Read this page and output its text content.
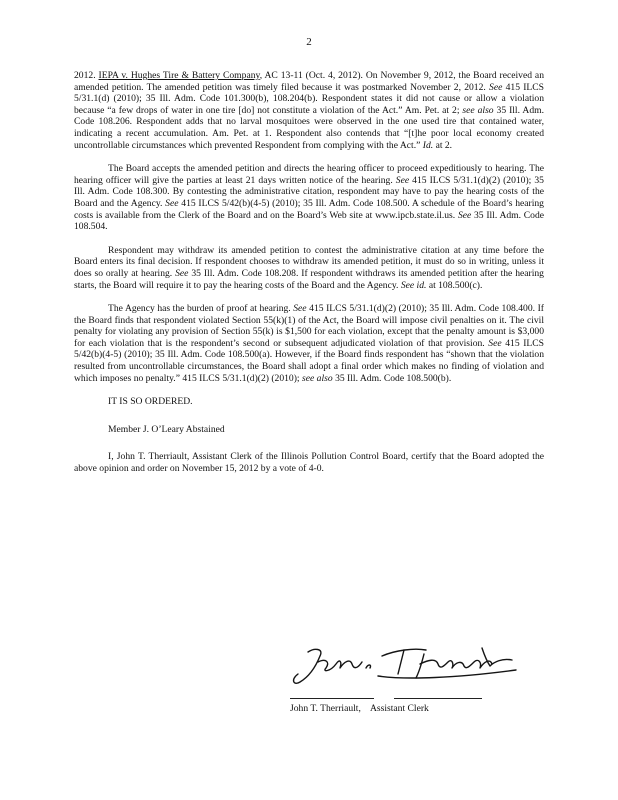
2

2012. IEPA v. Hughes Tire & Battery Company, AC 13-11 (Oct. 4, 2012). On November 9, 2012, the Board received an amended petition. The amended petition was timely filed because it was postmarked November 2, 2012. See 415 ILCS 5/31.1(d) (2010); 35 Ill. Adm. Code 101.300(b), 108.204(b). Respondent states it did not cause or allow a violation because “a few drops of water in one tire [do] not constitute a violation of the Act.” Am. Pet. at 2; see also 35 Ill. Adm. Code 108.206. Respondent adds that no larval mosquitoes were observed in the one used tire that contained water, indicating a recent accumulation. Am. Pet. at 1. Respondent also contends that “[t]he poor local economy created uncontrollable circumstances which prevented Respondent from complying with the Act.” Id. at 2.

The Board accepts the amended petition and directs the hearing officer to proceed expeditiously to hearing. The hearing officer will give the parties at least 21 days written notice of the hearing. See 415 ILCS 5/31.1(d)(2) (2010); 35 Ill. Adm. Code 108.300. By contesting the administrative citation, respondent may have to pay the hearing costs of the Board and the Agency. See 415 ILCS 5/42(b)(4-5) (2010); 35 Ill. Adm. Code 108.500. A schedule of the Board’s hearing costs is available from the Clerk of the Board and on the Board’s Web site at www.ipcb.state.il.us. See 35 Ill. Adm. Code 108.504.

Respondent may withdraw its amended petition to contest the administrative citation at any time before the Board enters its final decision. If respondent chooses to withdraw its amended petition, it must do so in writing, unless it does so orally at hearing. See 35 Ill. Adm. Code 108.208. If respondent withdraws its amended petition after the hearing starts, the Board will require it to pay the hearing costs of the Board and the Agency. See id. at 108.500(c).

The Agency has the burden of proof at hearing. See 415 ILCS 5/31.1(d)(2) (2010); 35 Ill. Adm. Code 108.400. If the Board finds that respondent violated Section 55(k)(1) of the Act, the Board will impose civil penalties on it. The civil penalty for violating any provision of Section 55(k) is $1,500 for each violation, except that the penalty amount is $3,000 for each violation that is the respondent’s second or subsequent adjudicated violation of that provision. See 415 ILCS 5/42(b)(4-5) (2010); 35 Ill. Adm. Code 108.500(a). However, if the Board finds respondent has “shown that the violation resulted from uncontrollable circumstances, the Board shall adopt a final order which makes no finding of violation and which imposes no penalty.” 415 ILCS 5/31.1(d)(2) (2010); see also 35 Ill. Adm. Code 108.500(b).

IT IS SO ORDERED.

Member J. O’Leary Abstained

I, John T. Therriault, Assistant Clerk of the Illinois Pollution Control Board, certify that the Board adopted the above opinion and order on November 15, 2012 by a vote of 4-0.

John T. Therriault,    Assistant Clerk
